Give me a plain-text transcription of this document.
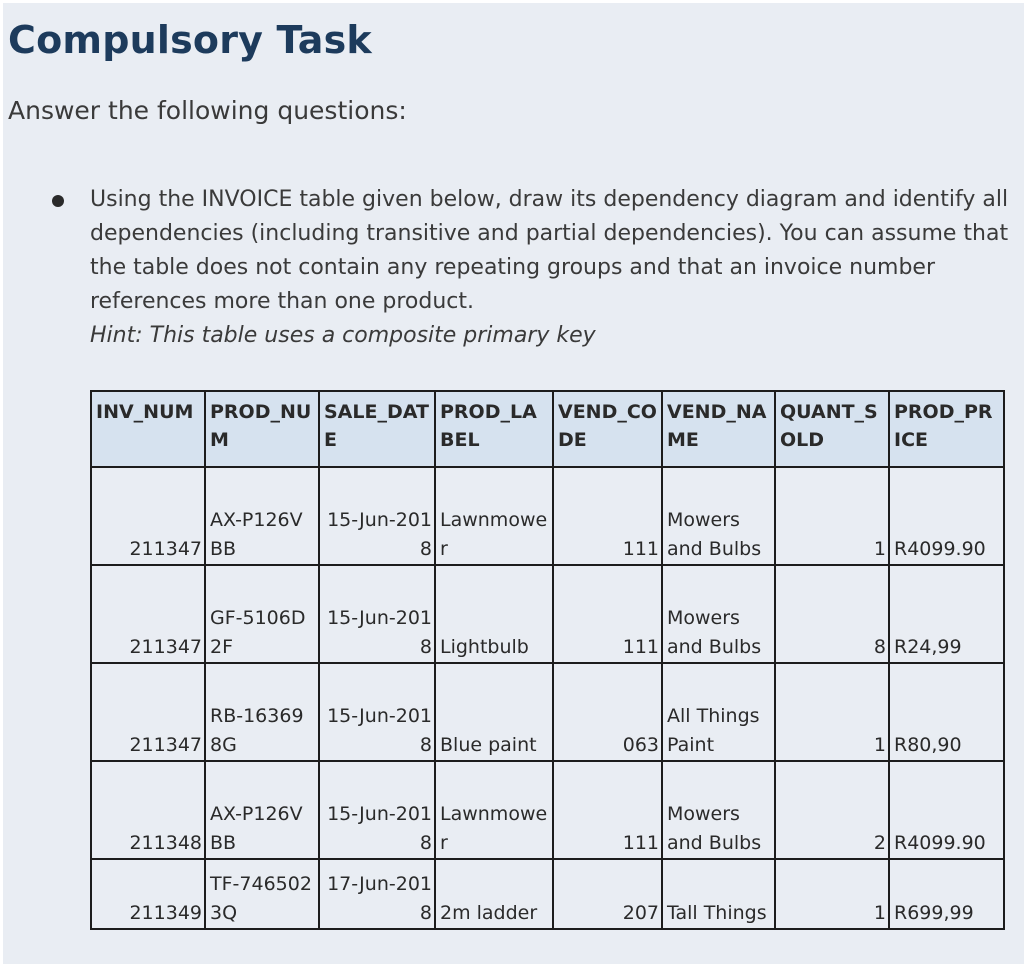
Compulsory Task

Answer the following questions:

Using the INVOICE table given below, draw its dependency diagram and identify all dependencies (including transitive and partial dependencies). You can assume that the table does not contain any repeating groups and that an invoice number references more than one product.
Hint: This table uses a composite primary key

INV_NUM	PROD_NUM	SALE_DATE	PROD_LABEL	VEND_CODE	VEND_NAME	QUANT_SOLD	PROD_PRICE
211347	AX-P126VBB	15-Jun-2018	Lawnmower	111	Mowers and Bulbs	1	R4099.90
211347	GF-5106D2F	15-Jun-2018	Lightbulb	111	Mowers and Bulbs	8	R24,99
211347	RB-163698G	15-Jun-2018	Blue paint	063	All Things Paint	1	R80,90
211348	AX-P126VBB	15-Jun-2018	Lawnmower	111	Mowers and Bulbs	2	R4099.90
211349	TF-7465023Q	17-Jun-2018	2m ladder	207	Tall Things	1	R699,99
